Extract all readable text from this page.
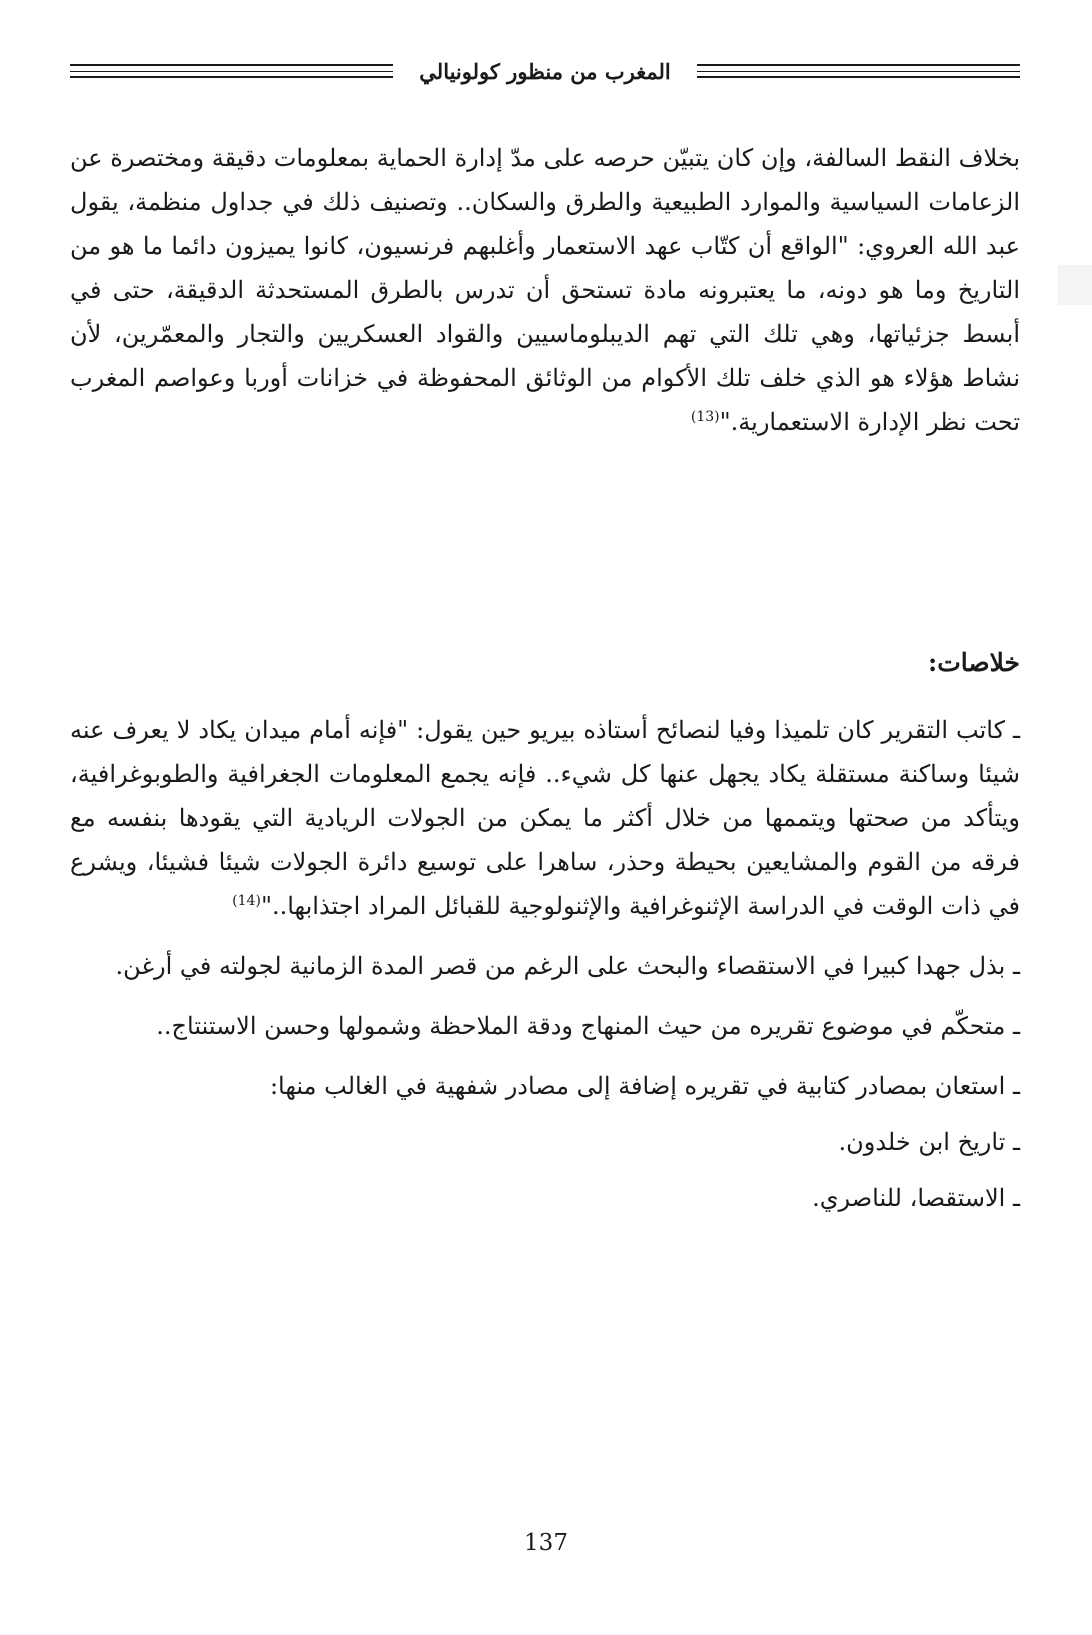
المغرب من منظور كولونيالي

بخلاف النقط السالفة، وإن كان يتبيّن حرصه على مدّ إدارة الحماية بمعلومات دقيقة ومختصرة عن الزعامات السياسية والموارد الطبيعية والطرق والسكان.. وتصنيف ذلك في جداول منظمة، يقول عبد الله العروي: "الواقع أن كتّاب عهد الاستعمار وأغلبهم فرنسيون، كانوا يميزون دائما ما هو من التاريخ وما هو دونه، ما يعتبرونه مادة تستحق أن تدرس بالطرق المستحدثة الدقيقة، حتى في أبسط جزئياتها، وهي تلك التي تهم الديبلوماسيين والقواد العسكريين والتجار والمعمّرين، لأن نشاط هؤلاء هو الذي خلف تلك الأكوام من الوثائق المحفوظة في خزانات أوربا وعواصم المغرب تحت نظر الإدارة الاستعمارية."$^{(13)}$

خلاصات:

ـ كاتب التقرير كان تلميذا وفيا لنصائح أستاذه بيريو حين يقول: "فإنه أمام ميدان يكاد لا يعرف عنه شيئا وساكنة مستقلة يكاد يجهل عنها كل شيء.. فإنه يجمع المعلومات الجغرافية والطوبوغرافية، ويتأكد من صحتها ويتممها من خلال أكثر ما يمكن من الجولات الريادية التي يقودها بنفسه مع فرقه من القوم والمشايعين بحيطة وحذر، ساهرا على توسيع دائرة الجولات شيئا فشيئا، ويشرع في ذات الوقت في الدراسة الإثنوغرافية والإثنولوجية للقبائل المراد اجتذابها.."$^{(14)}$

ـ بذل جهدا كبيرا في الاستقصاء والبحث على الرغم من قصر المدة الزمانية لجولته في أرغن.

ـ متحكّم في موضوع تقريره من حيث المنهاج ودقة الملاحظة وشمولها وحسن الاستنتاج..

ـ استعان بمصادر كتابية في تقريره إضافة إلى مصادر شفهية في الغالب منها:

ـ تاريخ ابن خلدون.

ـ الاستقصا، للناصري.

137
